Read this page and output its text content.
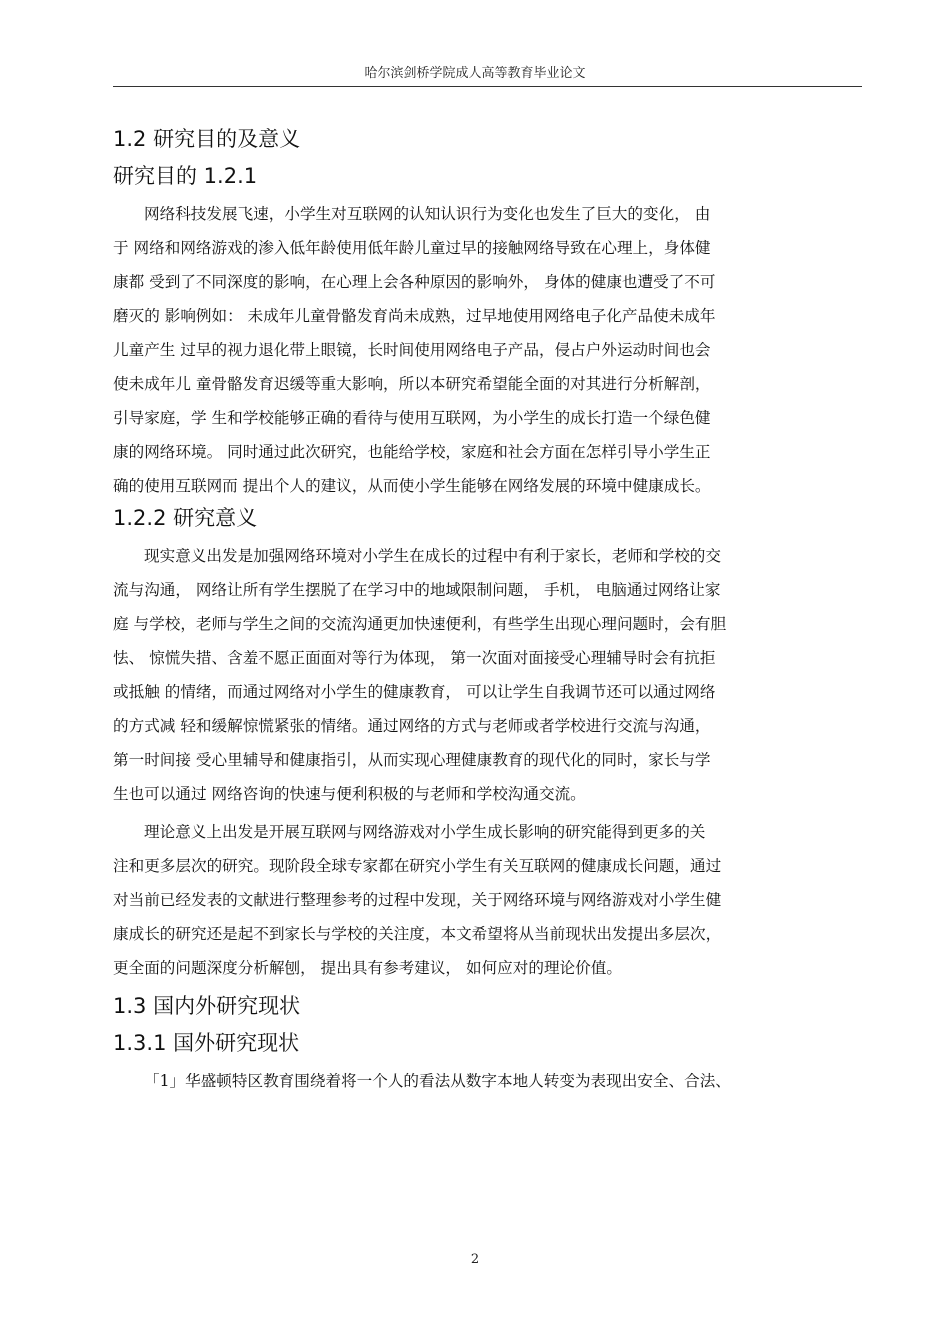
哈尔滨剑桥学院成人高等教育毕业论文
1.2 研究目的及意义
研究目的 1.2.1
网络科技发展飞速，小学生对互联网的认知认识行为变化也发生了巨大的变化， 由
于 网络和网络游戏的渗入低年龄使用低年龄儿童过早的接触网络导致在心理上，身体健
康都 受到了不同深度的影响，在心理上会各种原因的影响外， 身体的健康也遭受了不可
磨灭的 影响例如： 未成年儿童骨骼发育尚未成熟，过早地使用网络电子化产品使未成年
儿童产生 过早的视力退化带上眼镜，长时间使用网络电子产品，侵占户外运动时间也会
使未成年儿 童骨骼发育迟缓等重大影响，所以本研究希望能全面的对其进行分析解剖，
引导家庭，学 生和学校能够正确的看待与使用互联网，为小学生的成长打造一个绿色健
康的网络环境。 同时通过此次研究，也能给学校，家庭和社会方面在怎样引导小学生正
确的使用互联网而 提出个人的建议，从而使小学生能够在网络发展的环境中健康成长。
1.2.2 研究意义
现实意义出发是加强网络环境对小学生在成长的过程中有利于家长，老师和学校的交
流与沟通， 网络让所有学生摆脱了在学习中的地域限制问题， 手机， 电脑通过网络让家
庭 与学校，老师与学生之间的交流沟通更加快速便利，有些学生出现心理问题时，会有胆
怯、 惊慌失措、含羞不愿正面面对等行为体现， 第一次面对面接受心理辅导时会有抗拒
或抵触 的情绪，而通过网络对小学生的健康教育， 可以让学生自我调节还可以通过网络
的方式减 轻和缓解惊慌紧张的情绪。通过网络的方式与老师或者学校进行交流与沟通，
第一时间接 受心里辅导和健康指引，从而实现心理健康教育的现代化的同时，家长与学
生也可以通过 网络咨询的快速与便利积极的与老师和学校沟通交流。
理论意义上出发是开展互联网与网络游戏对小学生成长影响的研究能得到更多的关
注和更多层次的研究。现阶段全球专家都在研究小学生有关互联网的健康成长问题，通过
对当前已经发表的文献进行整理参考的过程中发现，关于网络环境与网络游戏对小学生健
康成长的研究还是起不到家长与学校的关注度，本文希望将从当前现状出发提出多层次，
更全面的问题深度分析解刨， 提出具有参考建议， 如何应对的理论价值。
1.3 国内外研究现状
1.3.1 国外研究现状
「1」华盛顿特区教育围绕着将一个人的看法从数字本地人转变为表现出安全、合法、
2
